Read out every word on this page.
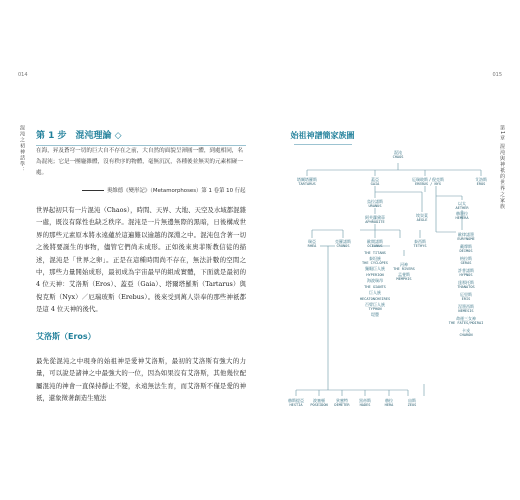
014	015
混沌之初神話學：	第1章 混沌與神祇的世界之家族
第 1 步　混沌理論 ◇
在海，昇及蒼穹一切的巨大自不存在之前，大自然的面貌呈渾圓一體，到處相同，名為混沌；它是一團龐雜體，沒有秩序的物體，毫無沉沉，各種後並無災的元素相碰一處。
奧維德《變形記》（Metamorphoses）第 1 卷第 10 行起
世界起初只有一片混沌（Chaos），時間、天界、大地、天空及水域都混雜一處，既沒有隊性也缺乏秩序。混沌是一片無邊無際的黑暗，日後構成世界的那些元素原本將永遠蘊於這遍難以逾越的深淵之中。混沌包含著一切之後將要誕生的事物，儘管它們尚未成形。正如後來奧菲斯教信徒的描述，混沌是「世界之卵」。正是在這種時間尚不存在，無法計數的空間之中，那些力量開始成形，最初成為宇宙最早的組成實體，下面就是最初的 4 位天神：艾洛斯（Eros）、蓋亞（Gaia）、塔爾塔羅斯（Tartarus）與倪克斯（Nyx）／厄瑞玻斯（Erebus）。後來受到萬人崇奉的那些神祇都是這 4 位天神的後代。
艾洛斯（Eros）
最先從混沌之中現身的始祖神是愛神艾洛斯，最初的艾洛斯有強大的力量，可以說是諸神之中最強大的一位，因為如果沒有艾洛斯，其他幾位配屬混沌的神會一直保持靜止不變，永遠無法生育，而艾洛斯不僅是愛的神祇，還象徵著創造生殖法
始祖神譜簡家族圖
混沌
CHAOS
塔爾塔羅斯
TARTARUS
蓋亞
GAIA
厄瑞玻斯 / 倪克斯
EREBUS / NYX
艾洛斯
EROS
烏拉諾斯
URANUS
阿芙蘿黛蒂
APHRODITE
埃癸萊
AEGLE
以太
AETHER
赫墨拉
HEMERA
瑞亞
RHEA
克羅諾斯
CRONOS
歐開諾斯
OCEANUS
THE TITANS
泰坦族
THE CYCLOPES
獨眼巨人族
HYPERION
海波瑞昂
THE GIANTS
巨人族
HECATONCHEIRES
百臂巨人族
TYPHON
堤豐
泰西斯
TETHYS
河神
THE RIVERS
孟斐斯
MEMPHIS
歐律諾墨
EURYNOME
戴摩斯
DEIMOS
格拉斯
GERAS
許普諾斯
HYPNOS
達那托斯
THANATOS
厄里斯
ERIS
涅墨西斯
NEMESIS
命運三女神
THE FATES/MOIRAI
卡戎
CHARON
赫斯提亞
HESTIA
波塞頓
POSEIDON
狄蜜特
DEMETER
黑帝斯
HADES
赫拉
HERA
宙斯
ZEUS
